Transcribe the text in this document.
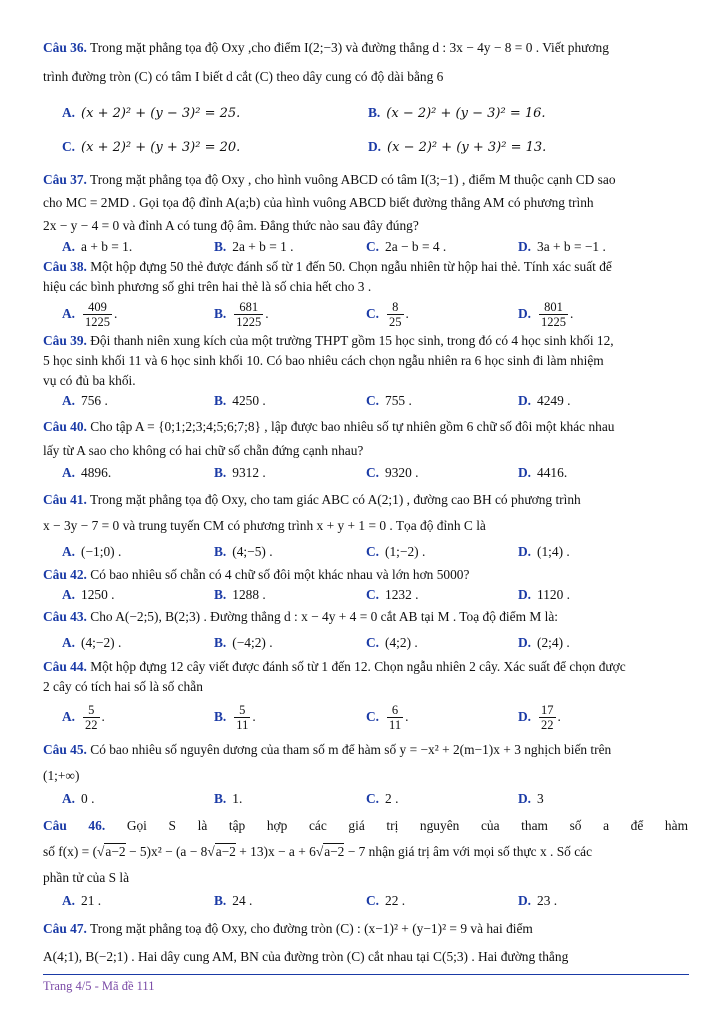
Câu 36. Trong mặt phẳng tọa độ Oxy ,cho điểm I(2;−3) và đường thẳng d : 3x − 4y − 8 = 0 . Viết phương

trình đường tròn (C) có tâm I biết d cắt (C) theo dây cung có độ dài bằng 6

A. (x + 2)² + (y − 3)² = 25.	B. (x − 2)² + (y − 3)² = 16.
C. (x + 2)² + (y + 3)² = 20.	D. (x − 2)² + (y + 3)² = 13.

Câu 37. Trong mặt phẳng tọa độ Oxy , cho hình vuông ABCD có tâm I(3;−1) , điểm M thuộc cạnh CD sao
cho MC = 2MD . Gọi tọa độ đỉnh A(a;b) của hình vuông ABCD biết đường thẳng AM có phương trình
2x − y − 4 = 0 và đỉnh A có tung độ âm. Đẳng thức nào sau đây đúng?

A. a + b = 1.	B. 2a + b = 1 .	C. 2a − b = 4 .	D. 3a + b = −1 .

Câu 38. Một hộp đựng 50 thẻ được đánh số từ 1 đến 50. Chọn ngẫu nhiên từ hộp hai thẻ. Tính xác suất để
hiệu các bình phương số ghi trên hai thẻ là số chia hết cho 3 .

A. $\frac{409}{1225}$ .	B. $\frac{681}{1225}$ .	C. $\frac{8}{25}$ .	D. $\frac{801}{1225}$ .

Câu 39. Đội thanh niên xung kích của một trường THPT gồm 15 học sinh, trong đó có 4 học sinh khối 12,
5 học sinh khối 11 và 6 học sinh khối 10. Có bao nhiêu cách chọn ngẫu nhiên ra 6 học sinh đi làm nhiệm
vụ có đủ ba khối.

A. 756 .	B. 4250 .	C. 755 .	D. 4249 .

Câu 40. Cho tập A = {0;1;2;3;4;5;6;7;8} , lập được bao nhiêu số tự nhiên gồm 6 chữ số đôi một khác nhau
lấy từ A sao cho không có hai chữ số chẵn đứng cạnh nhau?

A. 4896.	B. 9312 .	C. 9320 .	D. 4416.

Câu 41. Trong mặt phẳng tọa độ Oxy, cho tam giác ABC có A(2;1) , đường cao BH có phương trình
x − 3y − 7 = 0 và trung tuyến CM có phương trình x + y + 1 = 0 . Tọa độ đỉnh C là

A. (−1;0) .	B. (4;−5) .	C. (1;−2) .	D. (1;4) .

Câu 42. Có bao nhiêu số chẵn có 4 chữ số đôi một khác nhau và lớn hơn 5000?

A. 1250 .	B. 1288 .	C. 1232 .	D. 1120 .

Câu 43. Cho A(−2;5), B(2;3) . Đường thẳng d : x − 4y + 4 = 0 cắt AB tại M . Toạ độ điểm M là:

A. (4;−2) .	B. (−4;2) .	C. (4;2) .	D. (2;4) .

Câu 44. Một hộp đựng 12 cây viết được đánh số từ 1 đến 12. Chọn ngẫu nhiên 2 cây. Xác suất để chọn được
2 cây có tích hai số là số chẵn

A. $\frac{5}{22}$ .	B. $\frac{5}{11}$ .	C. $\frac{6}{11}$ .	D. $\frac{17}{22}$ .

Câu 45. Có bao nhiêu số nguyên dương của tham số m để hàm số y = −x² + 2(m−1)x + 3 nghịch biến trên
(1;+∞)

A. 0 .	B. 1.	C. 2 .	D. 3

Câu 46. Gọi S là tập hợp các giá trị nguyên của tham số a để hàm

số f(x) = (√a−2 − 5)x² − (a − 8√a−2 + 13)x − a + 6√a−2 − 7 nhận giá trị âm với mọi số thực x . Số các
phần tử của S là

A. 21 .	B. 24 .	C. 22 .	D. 23 .

Câu 47. Trong mặt phẳng toạ độ Oxy, cho đường tròn (C) : (x−1)² + (y−1)² = 9 và hai điểm
A(4;1), B(−2;1) . Hai dây cung AM, BN của đường tròn (C) cắt nhau tại C(5;3) . Hai đường thẳng

Trang 4/5 - Mã đề 111
